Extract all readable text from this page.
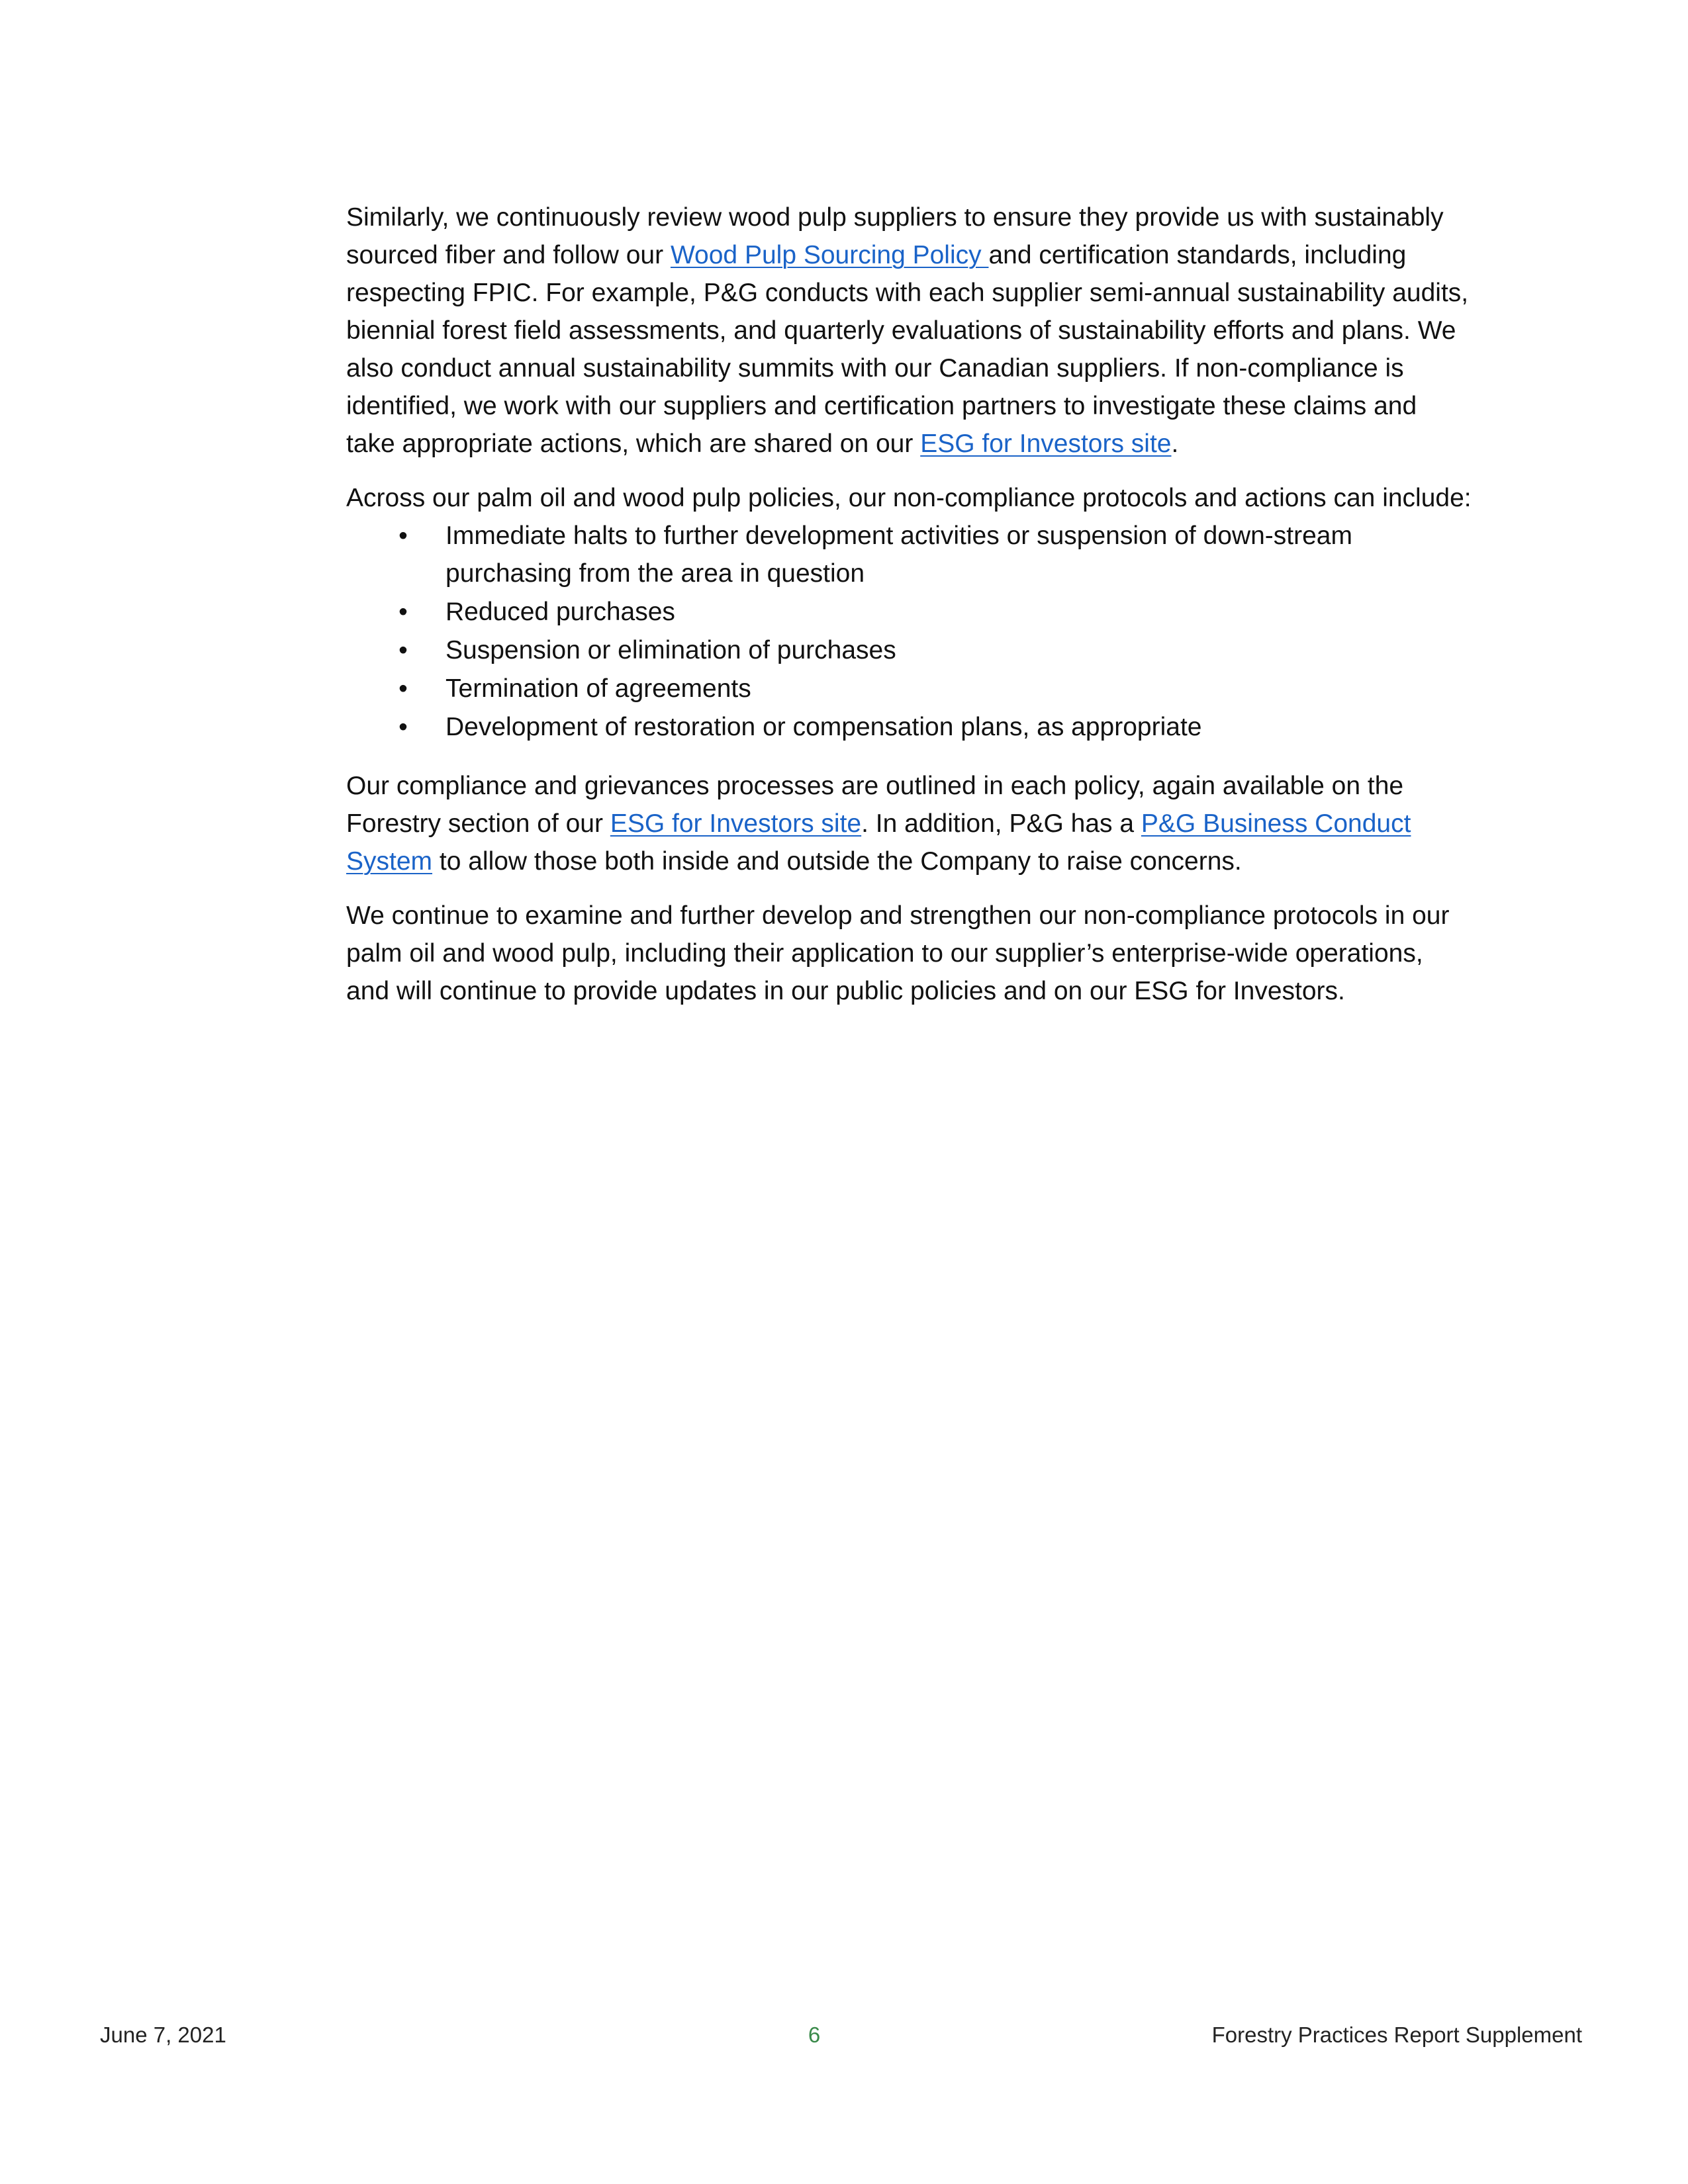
Similarly, we continuously review wood pulp suppliers to ensure they provide us with sustainably sourced fiber and follow our Wood Pulp Sourcing Policy and certification standards, including respecting FPIC. For example, P&G conducts with each supplier semi-annual sustainability audits, biennial forest field assessments, and quarterly evaluations of sustainability efforts and plans. We also conduct annual sustainability summits with our Canadian suppliers. If non-compliance is identified, we work with our suppliers and certification partners to investigate these claims and take appropriate actions, which are shared on our ESG for Investors site.

Across our palm oil and wood pulp policies, our non-compliance protocols and actions can include:

• Immediate halts to further development activities or suspension of down-stream purchasing from the area in question
• Reduced purchases
• Suspension or elimination of purchases
• Termination of agreements
• Development of restoration or compensation plans, as appropriate

Our compliance and grievances processes are outlined in each policy, again available on the Forestry section of our ESG for Investors site. In addition, P&G has a P&G Business Conduct System to allow those both inside and outside the Company to raise concerns.

We continue to examine and further develop and strengthen our non-compliance protocols in our palm oil and wood pulp, including their application to our supplier’s enterprise-wide operations, and will continue to provide updates in our public policies and on our ESG for Investors.

June 7, 2021	6	Forestry Practices Report Supplement
